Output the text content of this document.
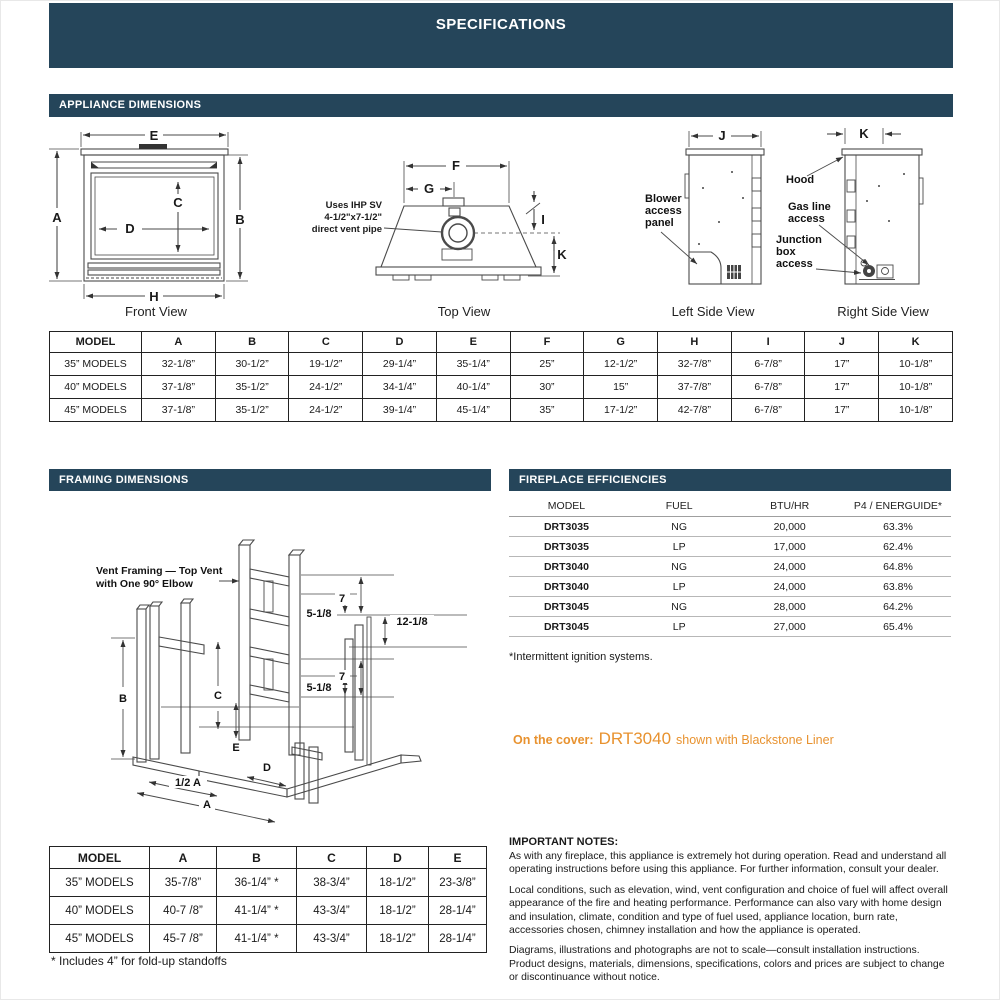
SPECIFICATIONS
APPLIANCE DIMENSIONS
E
A	B
C
D
H
F
G
I
K
Uses IHP SV
4-1/2"x7-1/2"
direct vent pipe
J
Blower
access
panel
K
Hood
Gas line
access
Junction
box
access
Front View	Top View	Left Side View	Right Side View
MODEL	A	B	C	D	E	F	G	H	I	J	K
35” MODELS	32-1/8”	30-1/2”	19-1/2”	29-1/4”	35-1/4”	25”	12-1/2”	32-7/8”	6-7/8”	17”	10-1/8”
40” MODELS	37-1/8”	35-1/2”	24-1/2”	34-1/4”	40-1/4”	30”	15”	37-7/8”	6-7/8”	17”	10-1/8”
45” MODELS	37-1/8”	35-1/2”	24-1/2”	39-1/4”	45-1/4”	35”	17-1/2”	42-7/8”	6-7/8”	17”	10-1/8”
FRAMING DIMENSIONS	FIREPLACE EFFICIENCIES
7
5-1/8
12-1/8
7
5-1/8
B	C
E
D
1/2 A
A
Vent Framing — Top Vent
with One 90° Elbow
MODEL	FUEL	BTU/HR	P4 / ENERGUIDE*
DRT3035	NG	20,000	63.3%
DRT3035	LP	17,000	62.4%
DRT3040	NG	24,000	64.8%
DRT3040	LP	24,000	63.8%
DRT3045	NG	28,000	64.2%
DRT3045	LP	27,000	65.4%
*Intermittent ignition systems.
On the cover: DRT3040 shown with Blackstone Liner
MODEL	A	B	C	D	E
35” MODELS	35-7/8”	36-1/4” *	38-3/4”	18-1/2”	23-3/8”
40” MODELS	40-7 /8”	41-1/4” *	43-3/4”	18-1/2”	28-1/4”
45” MODELS	45-7 /8”	41-1/4” *	43-3/4”	18-1/2”	28-1/4”
* Includes 4” for fold-up standoffs
IMPORTANT NOTES:

As with any fireplace, this appliance is extremely hot during operation. Read and understand all operating instructions before using this appliance. For further information, consult your dealer.

Local conditions, such as elevation, wind, vent configuration and choice of fuel will affect overall appearance of the fire and heating performance. Performance can also vary with home design and insulation, climate, condition and type of fuel used, appliance location, burn rate, accessories chosen, chimney installation and how the appliance is operated.

Diagrams, illustrations and photographs are not to scale—consult installation instructions. Product designs, materials, dimensions, specifications, colors and prices are subject to change or discontinuance without notice.
